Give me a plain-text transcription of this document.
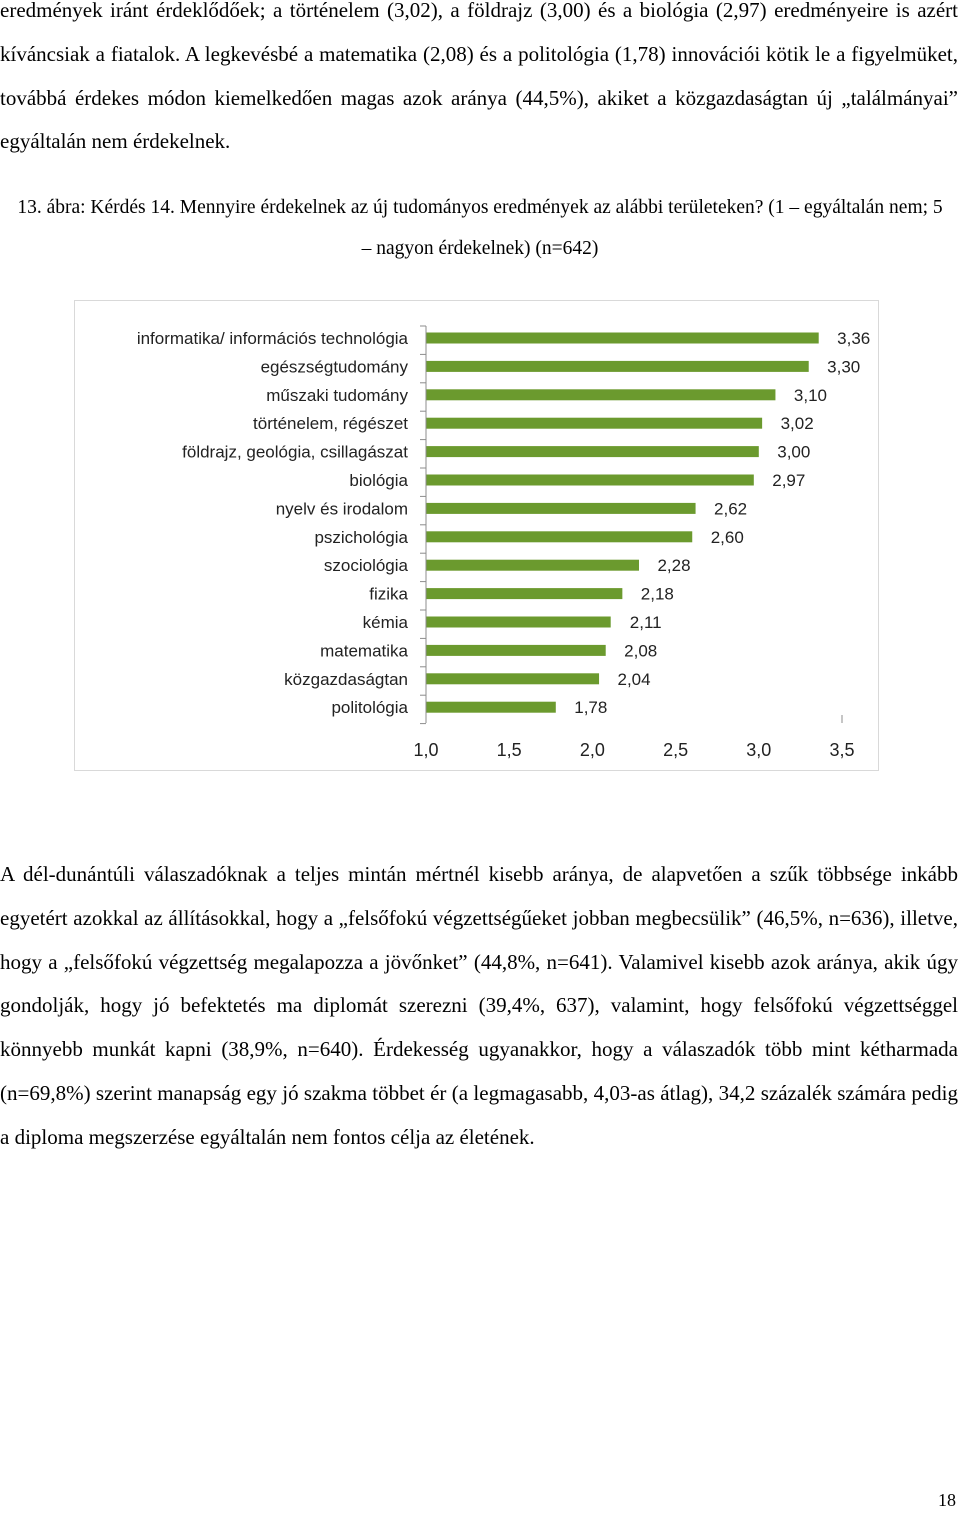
eredmények iránt érdeklődőek; a történelem (3,02), a földrajz (3,00) és a biológia (2,97) eredményeire is azért kíváncsiak a fiatalok. A legkevésbé a matematika (2,08) és a politológia (1,78) innovációi kötik le a figyelmüket, továbbá érdekes módon kiemelkedően magas azok aránya (44,5%), akiket a közgazdaságtan új „találmányai” egyáltalán nem érdekelnek.

13. ábra: Kérdés 14. Mennyire érdekelnek az új tudományos eredmények az alábbi területeken? (1 – egyáltalán nem; 5 – nagyon érdekelnek) (n=642)

informatika/ információs technológia	3,36
egészségtudomány	3,30
műszaki tudomány	3,10
történelem, régészet	3,02
földrajz, geológia, csillagászat	3,00
biológia	2,97
nyelv és irodalom	2,62
pszichológia	2,60
szociológia	2,28
fizika	2,18
kémia	2,11
matematika	2,08
közgazdaságtan	2,04
politológia	1,78
1,0	1,5	2,0	2,5	3,0	3,5

A dél-dunántúli válaszadóknak a teljes mintán mértnél kisebb aránya, de alapvetően a szűk többsége inkább egyetért azokkal az állításokkal, hogy a „felsőfokú végzettségűeket jobban megbecsülik” (46,5%, n=636), illetve, hogy a „felsőfokú végzettség megalapozza a jövőnket” (44,8%, n=641). Valamivel kisebb azok aránya, akik úgy gondolják, hogy jó befektetés ma diplomát szerezni (39,4%, 637), valamint, hogy felsőfokú végzettséggel könnyebb munkát kapni (38,9%, n=640). Érdekesség ugyanakkor, hogy a válaszadók több mint kétharmada (n=69,8%) szerint manapság egy jó szakma többet ér (a legmagasabb, 4,03-as átlag), 34,2 százalék számára pedig a diploma megszerzése egyáltalán nem fontos célja az életének.

18
